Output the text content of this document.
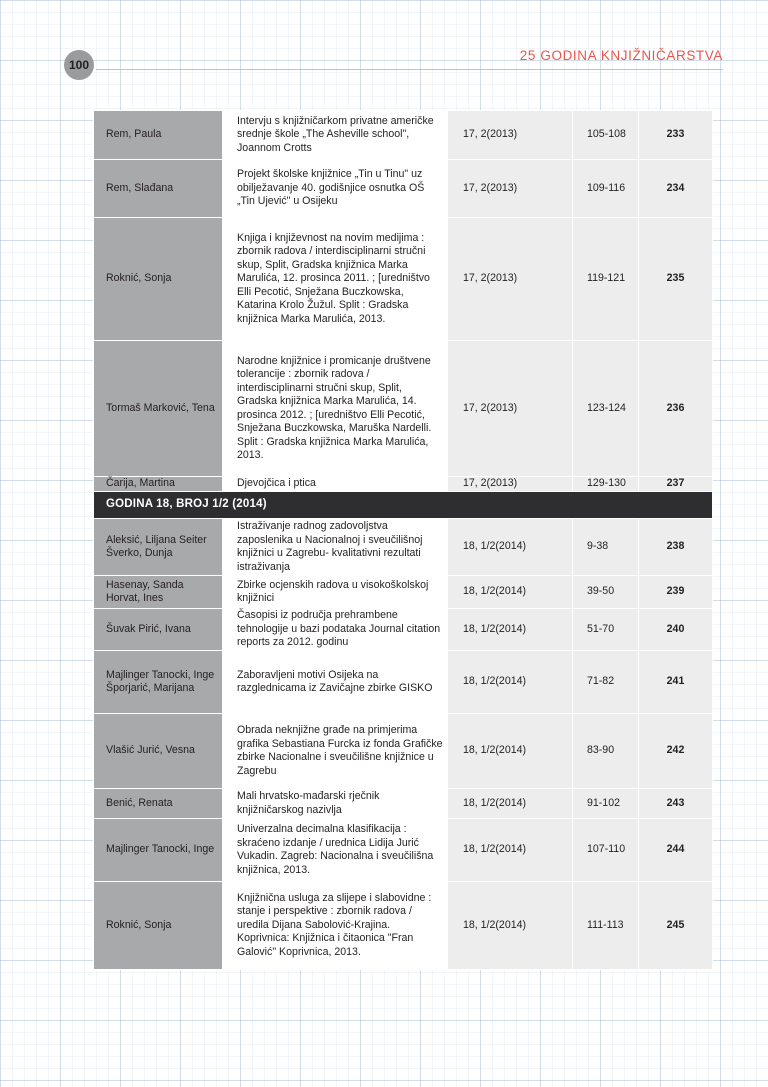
100
25 GODINA KNJIŽNIČARSTVA
Rem, Paula	Intervju s knjižničarkom privatne američke srednje škole „The Asheville school", Joannom Crotts	17, 2(2013)	105-108	233
Rem, Slađana	Projekt školske knjižnice „Tin u Tinu" uz obilježavanje 40. godišnjice osnutka OŠ „Tin Ujević" u Osijeku	17, 2(2013)	109-116	234
Roknić, Sonja	Knjiga i književnost na novim medijima : zbornik radova / interdisciplinarni stručni skup, Split, Gradska knjižnica Marka Marulića, 12. prosinca 2011. ; [uredništvo Elli Pecotić, Snježana Buczkowska, Katarina Krolo Žužul. Split : Gradska knjižnica Marka Marulića, 2013.	17, 2(2013)	119-121	235
Tormaš Marković, Tena	Narodne knjižnice i promicanje društvene tolerancije : zbornik radova / interdisciplinarni stručni skup, Split, Gradska knjižnica Marka Marulića, 14. prosinca 2012. ; [uredništvo Elli Pecotić, Snježana Buczkowska, Maruška Nardelli. Split : Gradska knjižnica Marka Marulića, 2013.	17, 2(2013)	123-124	236
Čarija, Martina	Djevojčica i ptica	17, 2(2013)	129-130	237
GODINA 18, BROJ 1/2 (2014)				
Aleksić, Liljana Seiter Šverko, Dunja	Istraživanje radnog zadovoljstva zaposlenika u Nacionalnoj i sveučilišnoj knjižnici u Zagrebu- kvalitativni rezultati istraživanja	18, 1/2(2014)	9-38	238
Hasenay, Sanda Horvat, Ines	Zbirke ocjenskih radova u visokoškolskoj knjižnici	18, 1/2(2014)	39-50	239
Šuvak Pirić, Ivana	Časopisi iz područja prehrambene tehnologije u bazi podataka Journal citation reports za 2012. godinu	18, 1/2(2014)	51-70	240
Majlinger Tanocki, Inge Šporjarić, Marijana	Zaboravljeni motivi Osijeka na razglednicama iz Zavičajne zbirke GISKO	18, 1/2(2014)	71-82	241
Vlašić Jurić, Vesna	Obrada neknjižne građe na primjerima grafika Sebastiana Furcka iz fonda Grafičke zbirke Nacionalne i sveučilišne knjižnice u Zagrebu	18, 1/2(2014)	83-90	242
Benić, Renata	Mali hrvatsko-mađarski rječnik knjižničarskog nazivlja	18, 1/2(2014)	91-102	243
Majlinger Tanocki, Inge	Univerzalna decimalna klasifikacija : skraćeno izdanje / urednica Lidija Jurić Vukadin. Zagreb: Nacionalna i sveučilišna knjižnica, 2013.	18, 1/2(2014)	107-110	244
Roknić, Sonja	Knjižnična usluga za slijepe i slabovidne : stanje i perspektive : zbornik radova / uredila Dijana Sabolović-Krajina. Koprivnica: Knjižnica i čitaonica "Fran Galović" Koprivnica, 2013.	18, 1/2(2014)	111-113	245
